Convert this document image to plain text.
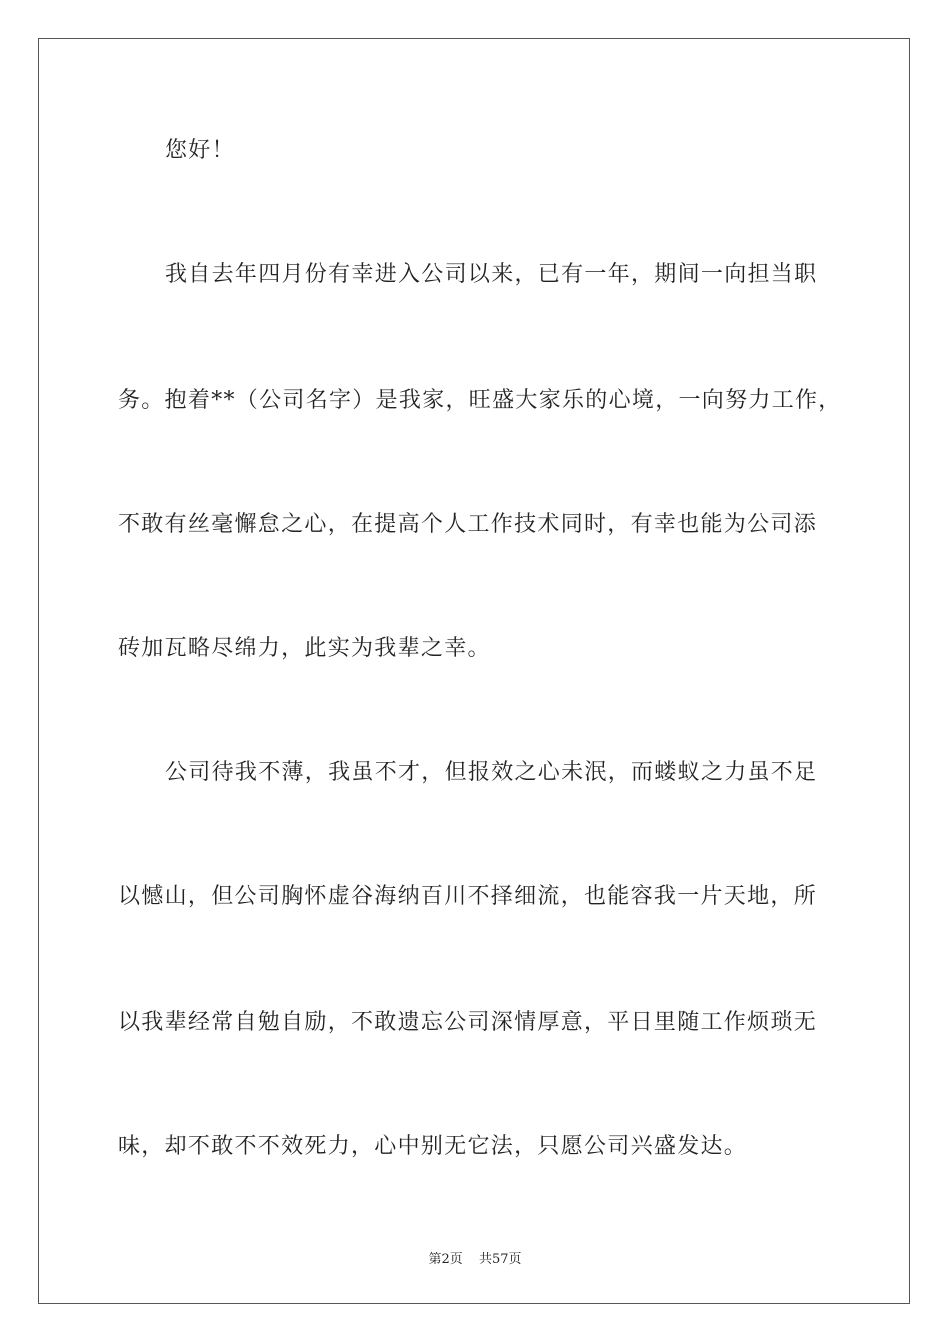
您好！
我自去年四月份有幸进入公司以来，已有一年，期间一向担当职
务。抱着**（公司名字）是我家，旺盛大家乐的心境，一向努力工作，
不敢有丝毫懈怠之心，在提高个人工作技术同时，有幸也能为公司添
砖加瓦略尽绵力，此实为我辈之幸。
公司待我不薄，我虽不才，但报效之心未泯，而蝼蚁之力虽不足
以憾山，但公司胸怀虚谷海纳百川不择细流，也能容我一片天地，所
以我辈经常自勉自励，不敢遗忘公司深情厚意，平日里随工作烦琐无
味，却不敢不不效死力，心中别无它法，只愿公司兴盛发达。
第2页 共57页
